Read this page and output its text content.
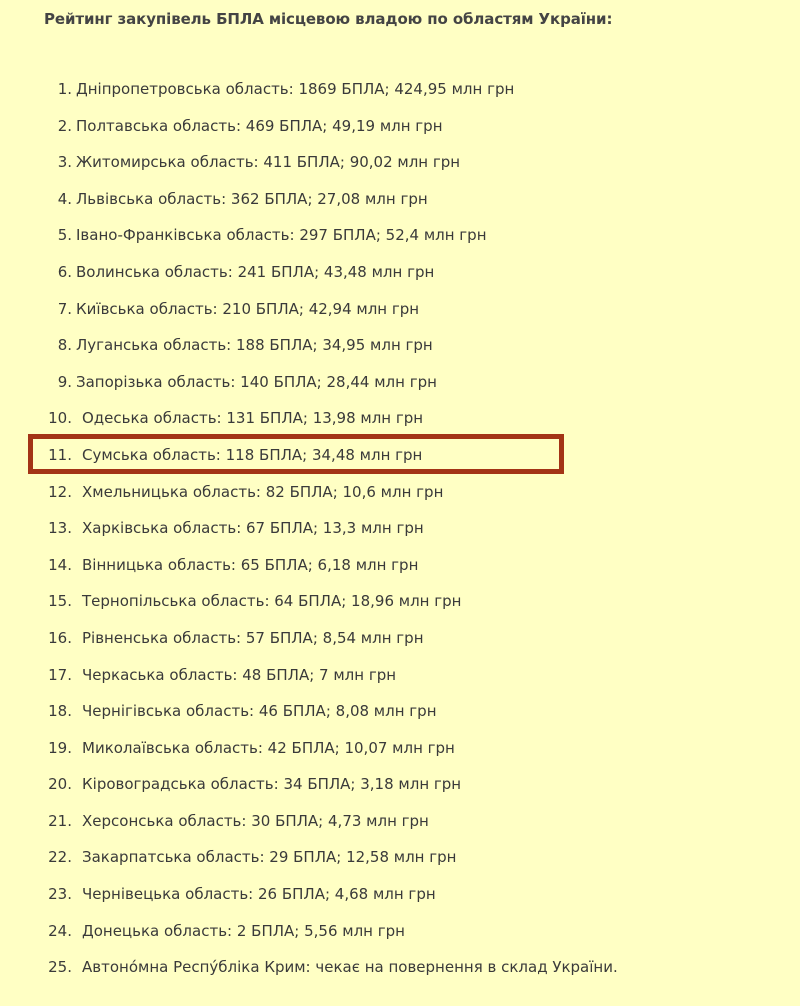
Рейтинг закупівель БПЛА місцевою владою по областям України:
1. Дніпропетровська область: 1869 БПЛА; 424,95 млн грн
2. Полтавська область: 469 БПЛА; 49,19 млн грн
3. Житомирська область: 411 БПЛА; 90,02 млн грн
4. Львівська область: 362 БПЛА; 27,08 млн грн
5. Івано-Франківська область: 297 БПЛА; 52,4 млн грн
6. Волинська область: 241 БПЛА; 43,48 млн грн
7. Київська область: 210 БПЛА; 42,94 млн грн
8. Луганська область: 188 БПЛА; 34,95 млн грн
9. Запорізька область: 140 БПЛА; 28,44 млн грн
10. Одеська область: 131 БПЛА; 13,98 млн грн
11. Сумська область: 118 БПЛА; 34,48 млн грн
12. Хмельницька область: 82 БПЛА; 10,6 млн грн
13. Харківська область: 67 БПЛА; 13,3 млн грн
14. Вінницька область: 65 БПЛА; 6,18 млн грн
15. Тернопільська область: 64 БПЛА; 18,96 млн грн
16. Рівненська область: 57 БПЛА; 8,54 млн грн
17. Черкаська область: 48 БПЛА; 7 млн грн
18. Чернігівська область: 46 БПЛА; 8,08 млн грн
19. Миколаївська область: 42 БПЛА; 10,07 млн грн
20. Кіровоградська область: 34 БПЛА; 3,18 млн грн
21. Херсонська область: 30 БПЛА; 4,73 млн грн
22. Закарпатська область: 29 БПЛА; 12,58 млн грн
23. Чернівецька область: 26 БПЛА; 4,68 млн грн
24. Донецька область: 2 БПЛА; 5,56 млн грн
25. Автоно́мна Респу́бліка Крим: чекає на повернення в склад України.
